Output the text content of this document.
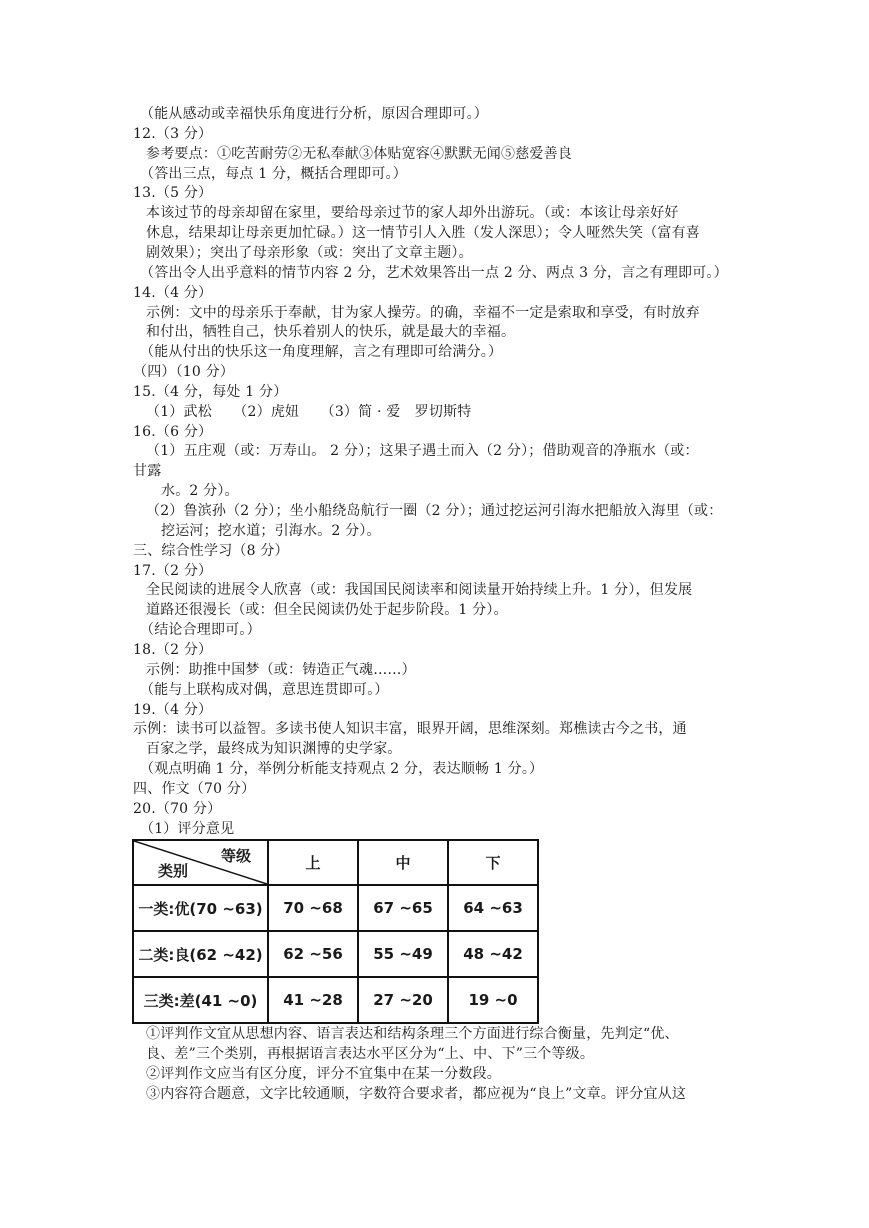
（能从感动或幸福快乐角度进行分析，原因合理即可。）
12.（3 分）
参考要点：①吃苦耐劳②无私奉献③体贴宽容④默默无闻⑤慈爱善良
（答出三点，每点 1 分，概括合理即可。）
13.（5 分）
本该过节的母亲却留在家里，要给母亲过节的家人却外出游玩。（或：本该让母亲好好
休息，结果却让母亲更加忙碌。）这一情节引人入胜（发人深思）；令人哑然失笑（富有喜
剧效果）；突出了母亲形象（或：突出了文章主题）。
（答出令人出乎意料的情节内容 2 分，艺术效果答出一点 2 分、两点 3 分，言之有理即可。）
14.（4 分）
示例：文中的母亲乐于奉献，甘为家人操劳。的确，幸福不一定是索取和享受，有时放弃
和付出，牺牲自己，快乐着别人的快乐，就是最大的幸福。
（能从付出的快乐这一角度理解，言之有理即可给满分。）
（四）（10 分）
15.（4 分，每处 1 分）
（1）武松　　（2）虎妞　　（3）简 · 爱　罗切斯特
16.（6 分）
（1）五庄观（或：万寿山。 2 分）；这果子遇土而入（2 分）；借助观音的净瓶水（或：
甘露
水。2 分）。
（2）鲁滨孙（2 分）；坐小船绕岛航行一圈（2 分）；通过挖运河引海水把船放入海里（或：
挖运河；挖水道；引海水。2 分）。
三、综合性学习（8 分）
17.（2 分）
全民阅读的进展令人欣喜（或：我国国民阅读率和阅读量开始持续上升。1 分），但发展
道路还很漫长（或：但全民阅读仍处于起步阶段。1 分）。
（结论合理即可。）
18.（2 分）
示例：助推中国梦（或：铸造正气魂……）
（能与上联构成对偶，意思连贯即可。）
19.（4 分）
示例：读书可以益智。多读书使人知识丰富，眼界开阔，思维深刻。郑樵读古今之书，通
百家之学，最终成为知识渊博的史学家。
（观点明确 1 分，举例分析能支持观点 2 分，表达顺畅 1 分。）
四、作文（70 分）
20.（70 分）
（1）评分意见
等级
类别	上	中	下
一类:优(70 ~63)	70 ~68	67 ~65	64 ~63
二类:良(62 ~42)	62 ~56	55 ~49	48 ~42
三类:差(41 ~0)	41 ~28	27 ~20	19 ~0
①评判作文宜从思想内容、语言表达和结构条理三个方面进行综合衡量，先判定“优、
良、差”三个类别，再根据语言表达水平区分为“上、中、下”三个等级。
②评判作文应当有区分度，评分不宜集中在某一分数段。
③内容符合题意，文字比较通顺，字数符合要求者，都应视为“良上”文章。评分宜从这
